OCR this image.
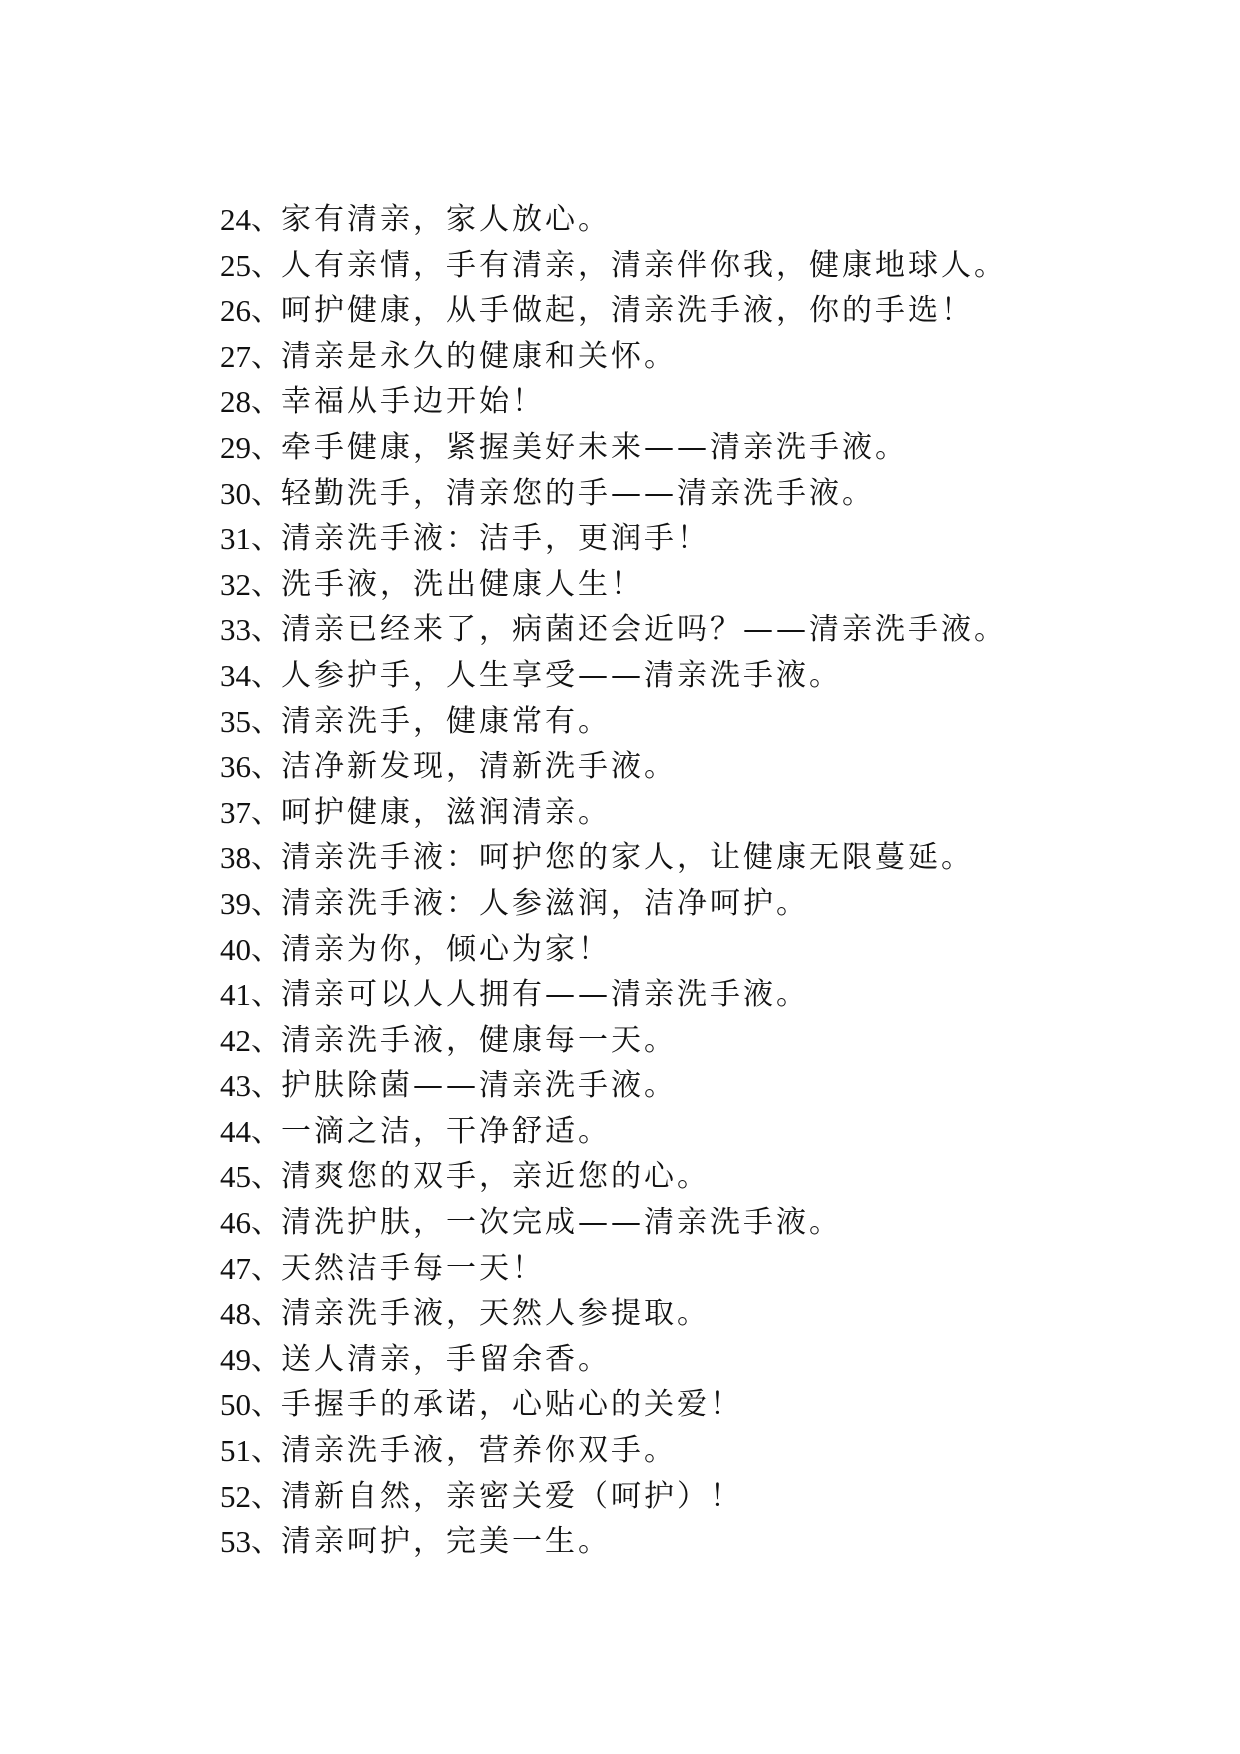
24 、 家有清亲，家人放心。
25 、 人有亲情，手有清亲，清亲伴你我，健康地球人。
26 、 呵护健康，从手做起，清亲洗手液，你的手选！
27 、 清亲是永久的健康和关怀。
28 、 幸福从手边开始！
29 、 牵手健康，紧握美好未来——清亲洗手液。
30 、 轻勤洗手，清亲您的手——清亲洗手液。
31 、 清亲洗手液：洁手，更润手！
32 、 洗手液，洗出健康人生！
33 、 清亲已经来了，病菌还会近吗？——清亲洗手液。
34 、 人参护手，人生享受——清亲洗手液。
35 、 清亲洗手，健康常有。
36 、 洁净新发现，清新洗手液。
37 、 呵护健康，滋润清亲。
38 、 清亲洗手液：呵护您的家人，让健康无限蔓延。
39 、 清亲洗手液：人参滋润，洁净呵护。
40 、 清亲为你，倾心为家！
41 、 清亲可以人人拥有——清亲洗手液。
42 、 清亲洗手液，健康每一天。
43 、 护肤除菌——清亲洗手液。
44 、 一滴之洁，干净舒适。
45 、 清爽您的双手，亲近您的心。
46 、 清洗护肤，一次完成——清亲洗手液。
47 、 天然洁手每一天！
48 、 清亲洗手液，天然人参提取。
49 、 送人清亲，手留余香。
50 、 手握手的承诺，心贴心的关爱！
51 、 清亲洗手液，营养你双手。
52 、 清新自然，亲密关爱（呵护）！
53 、 清亲呵护，完美一生。
